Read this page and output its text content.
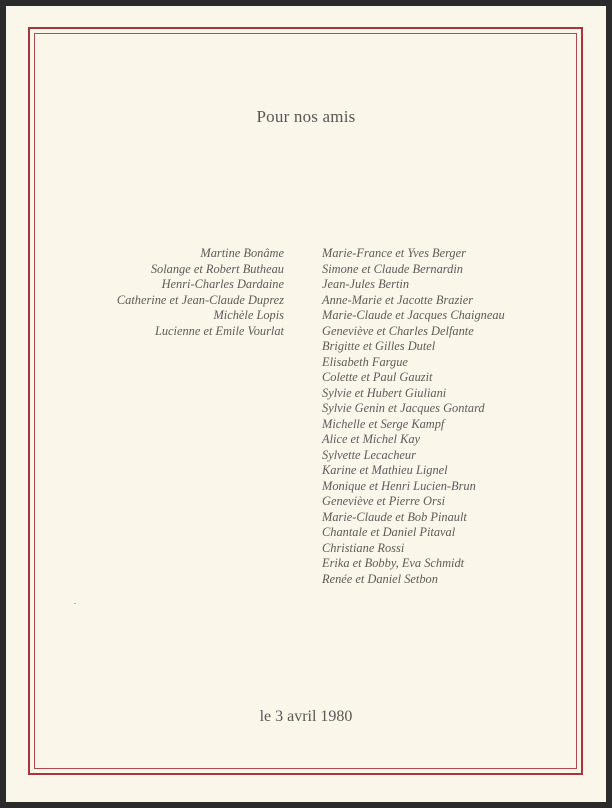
Pour nos amis
Martine Bonâme
Solange et Robert Butheau
Henri-Charles Dardaine
Catherine et Jean-Claude Duprez
Michèle Lopis
Lucienne et Emile Vourlat
Marie-France et Yves Berger
Simone et Claude Bernardin
Jean-Jules Bertin
Anne-Marie et Jacotte Brazier
Marie-Claude et Jacques Chaigneau
Geneviève et Charles Delfante
Brigitte et Gilles Dutel
Elisabeth Fargue
Colette et Paul Gauzit
Sylvie et Hubert Giuliani
Sylvie Genin et Jacques Gontard
Michelle et Serge Kampf
Alice et Michel Kay
Sylvette Lecacheur
Karine et Mathieu Lignel
Monique et Henri Lucien-Brun
Geneviève et Pierre Orsi
Marie-Claude et Bob Pinault
Chantale et Daniel Pitaval
Christiane Rossi
Erika et Bobby, Eva Schmidt
Renée et Daniel Setbon
le 3 avril 1980
